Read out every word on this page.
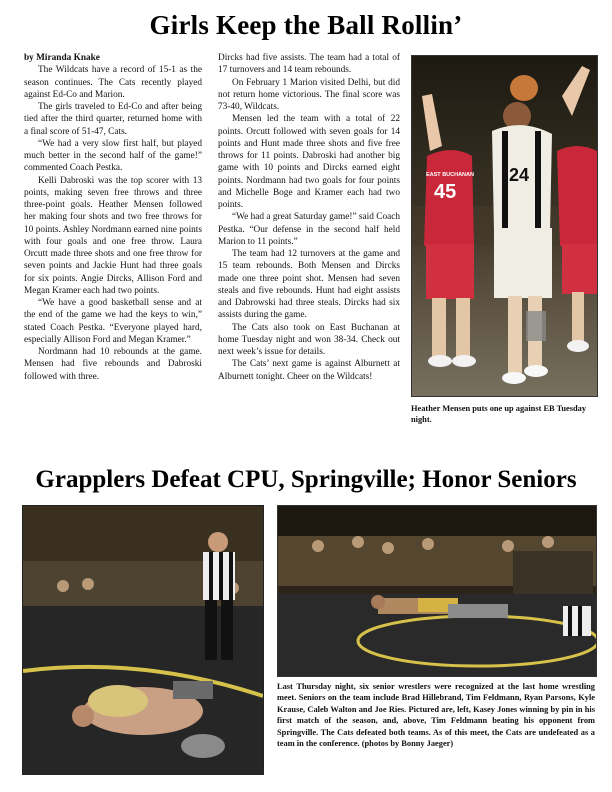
Girls Keep the Ball Rollin’

by Miranda Knake

The Wildcats have a record of 15-1 as the season continues. The Cats recently played against Ed-Co and Marion.

The girls traveled to Ed-Co and after being tied after the third quarter, returned home with a final score of 51-47, Cats.

“We had a very slow first half, but played much better in the second half of the game!” commented Coach Pestka.

Kelli Dabroski was the top scorer with 13 points, making seven free throws and three three-point goals. Heather Mensen followed her making four shots and two free throws for 10 points. Ashley Nordmann earned nine points with four goals and one free throw. Laura Orcutt made three shots and one free throw for seven points and Jackie Hunt had three goals for six points. Angie Dircks, Allison Ford and Megan Kramer each had two points.

“We have a good basketball sense and at the end of the game we had the keys to win,” stated Coach Pestka. “Everyone played hard, especially Allison Ford and Megan Kramer.”

Nordmann had 10 rebounds at the game. Mensen had five rebounds and Dabroski followed with three.

Dircks had five assists. The team had a total of 17 turnovers and 14 team rebounds.

On February 1 Marion visited Delhi, but did not return home victorious. The final score was 73-40, Wildcats.

Mensen led the team with a total of 22 points. Orcutt followed with seven goals for 14 points and Hunt made three shots and five free throws for 11 points. Dabroski had another big game with 10 points and Dircks earned eight points. Nordmann had two goals for four points and Michelle Boge and Kramer each had two points.

“We had a great Saturday game!” said Coach Pestka. “Our defense in the second half held Marion to 11 points.”

The team had 12 turnovers at the game and 15 team rebounds. Both Mensen and Dircks made one three point shot. Mensen had seven steals and five rebounds. Hunt had eight assists and Dabrowski had three steals. Dircks had six assists during the game.

The Cats also took on East Buchanan at home Tuesday night and won 38-34. Check out next week’s issue for details.

The Cats’ next game is against Alburnett at Alburnett tonight. Cheer on the Wildcats!

45
EAST BUCHANAN 24
Heather Mensen puts one up against EB Tuesday night.
Grapplers Defeat CPU, Springville; Honor Seniors
Last Thursday night, six senior wrestlers were recognized at the last home wrestling meet. Seniors on the team include Brad Hillebrand, Tim Feldmann, Ryan Parsons, Kyle Krause, Caleb Walton and Joe Ries. Pictured are, left, Kasey Jones winning by pin in his first match of the season, and, above, Tim Feldmann beating his opponent from Springville. The Cats defeated both teams. As of this meet, the Cats are undefeated as a team in the conference. (photos by Bonny Jaeger)
